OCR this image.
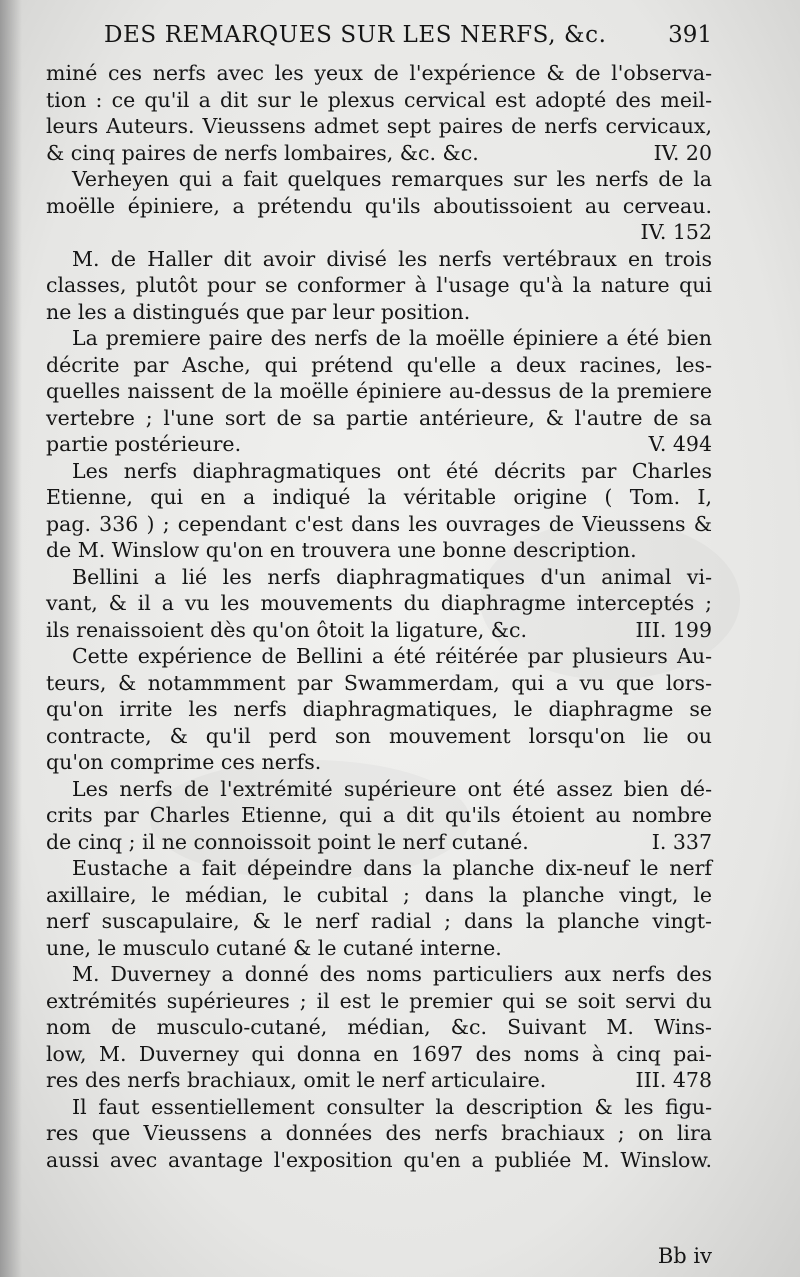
DES REMARQUES SUR LES NERFS, &c.	391
miné ces nerfs avec les yeux de l'expérience & de l'observa-
tion : ce qu'il a dit sur le plexus cervical est adopté des meil-
leurs Auteurs. Vieussens admet sept paires de nerfs cervicaux,
& cinq paires de nerfs lombaires, &c. &c.	IV. 20
Verheyen qui a fait quelques remarques sur les nerfs de la
moëlle épiniere, a prétendu qu'ils aboutissoient au cerveau.
IV. 152
M. de Haller dit avoir divisé les nerfs vertébraux en trois
classes, plutôt pour se conformer à l'usage qu'à la nature qui
ne les a distingués que par leur position.
La premiere paire des nerfs de la moëlle épiniere a été bien
décrite par Asche, qui prétend qu'elle a deux racines, les-
quelles naissent de la moëlle épiniere au-dessus de la premiere
vertebre ; l'une sort de sa partie antérieure, & l'autre de sa
partie postérieure.	V. 494
Les nerfs diaphragmatiques ont été décrits par Charles
Etienne, qui en a indiqué la véritable origine ( Tom. I,
pag. 336 ) ; cependant c'est dans les ouvrages de Vieussens &
de M. Winslow qu'on en trouvera une bonne description.
Bellini a lié les nerfs diaphragmatiques d'un animal vi-
vant, & il a vu les mouvements du diaphragme interceptés ;
ils renaissoient dès qu'on ôtoit la ligature, &c.	III. 199
Cette expérience de Bellini a été réitérée par plusieurs Au-
teurs, & notammment par Swammerdam, qui a vu que lors-
qu'on irrite les nerfs diaphragmatiques, le diaphragme se
contracte, & qu'il perd son mouvement lorsqu'on lie ou
qu'on comprime ces nerfs.
Les nerfs de l'extrémité supérieure ont été assez bien dé-
crits par Charles Etienne, qui a dit qu'ils étoient au nombre
de cinq ; il ne connoissoit point le nerf cutané.	I. 337
Eustache a fait dépeindre dans la planche dix-neuf le nerf
axillaire, le médian, le cubital ; dans la planche vingt, le
nerf suscapulaire, & le nerf radial ; dans la planche vingt-
une, le musculo cutané & le cutané interne.
M. Duverney a donné des noms particuliers aux nerfs des
extrémités supérieures ; il est le premier qui se soit servi du
nom de musculo-cutané, médian, &c. Suivant M. Wins-
low, M. Duverney qui donna en 1697 des noms à cinq pai-
res des nerfs brachiaux, omit le nerf articulaire.	III. 478
Il faut essentiellement consulter la description & les figu-
res que Vieussens a données des nerfs brachiaux ; on lira
aussi avec avantage l'exposition qu'en a publiée M. Winslow.
Bb iv
